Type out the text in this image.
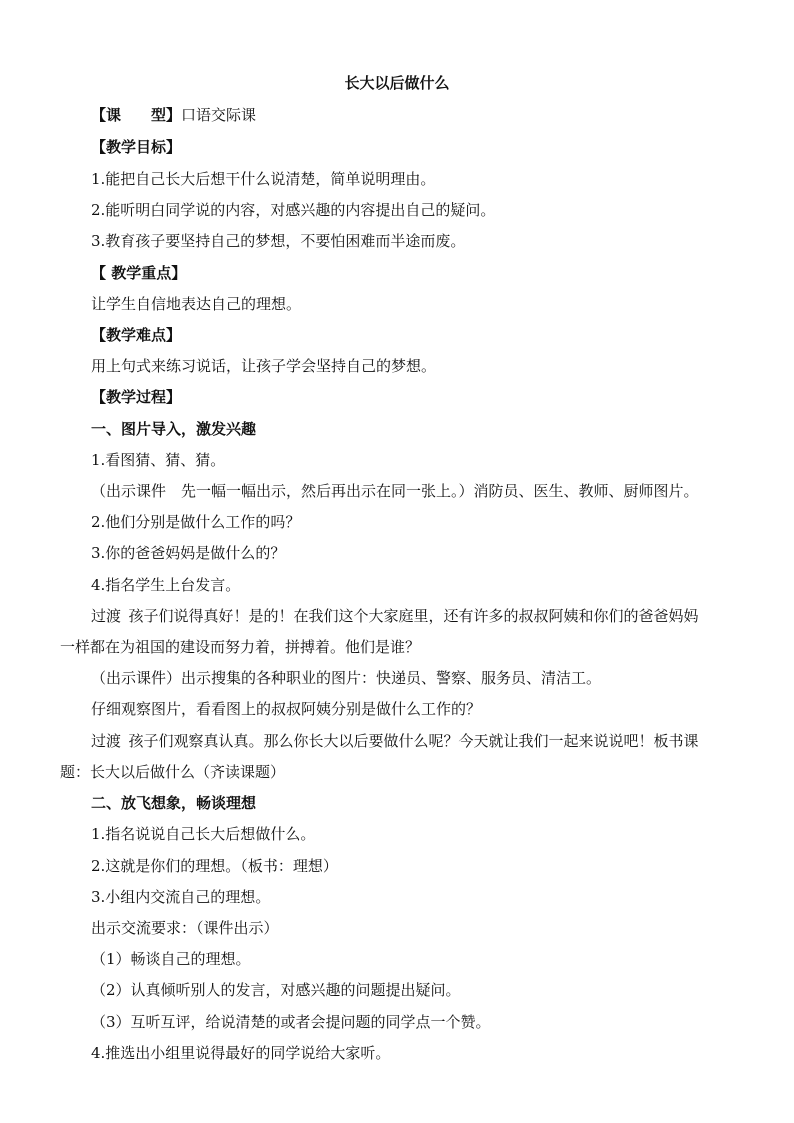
长大以后做什么
【课　　型】口语交际课
【教学目标】
1.能把自己长大后想干什么说清楚，简单说明理由。
2.能听明白同学说的内容，对感兴趣的内容提出自己的疑问。
3.教育孩子要坚持自己的梦想，不要怕困难而半途而废。
【 教学重点】
让学生自信地表达自己的理想。
【教学难点】
用上句式来练习说话，让孩子学会坚持自己的梦想。
【教学过程】
一、图片导入，激发兴趣
1.看图猜、猜、猜。
（出示课件　先一幅一幅出示，然后再出示在同一张上。）消防员、医生、教师、厨师图片。
2.他们分别是做什么工作的吗？
3.你的爸爸妈妈是做什么的？
4.指名学生上台发言。
过渡 孩子们说得真好！是的！在我们这个大家庭里，还有许多的叔叔阿姨和你们的爸爸妈妈
一样都在为祖国的建设而努力着，拼搏着。他们是谁？
（出示课件）出示搜集的各种职业的图片：快递员、警察、服务员、清洁工。
仔细观察图片，看看图上的叔叔阿姨分别是做什么工作的？
过渡 孩子们观察真认真。那么你长大以后要做什么呢？今天就让我们一起来说说吧！板书课
题：长大以后做什么（齐读课题）
二、放飞想象，畅谈理想
1.指名说说自己长大后想做什么。
2.这就是你们的理想。（板书：理想）
3.小组内交流自己的理想。
出示交流要求：（课件出示）
（1）畅谈自己的理想。
（2）认真倾听别人的发言，对感兴趣的问题提出疑问。
（3）互听互评，给说清楚的或者会提问题的同学点一个赞。
4.推选出小组里说得最好的同学说给大家听。
